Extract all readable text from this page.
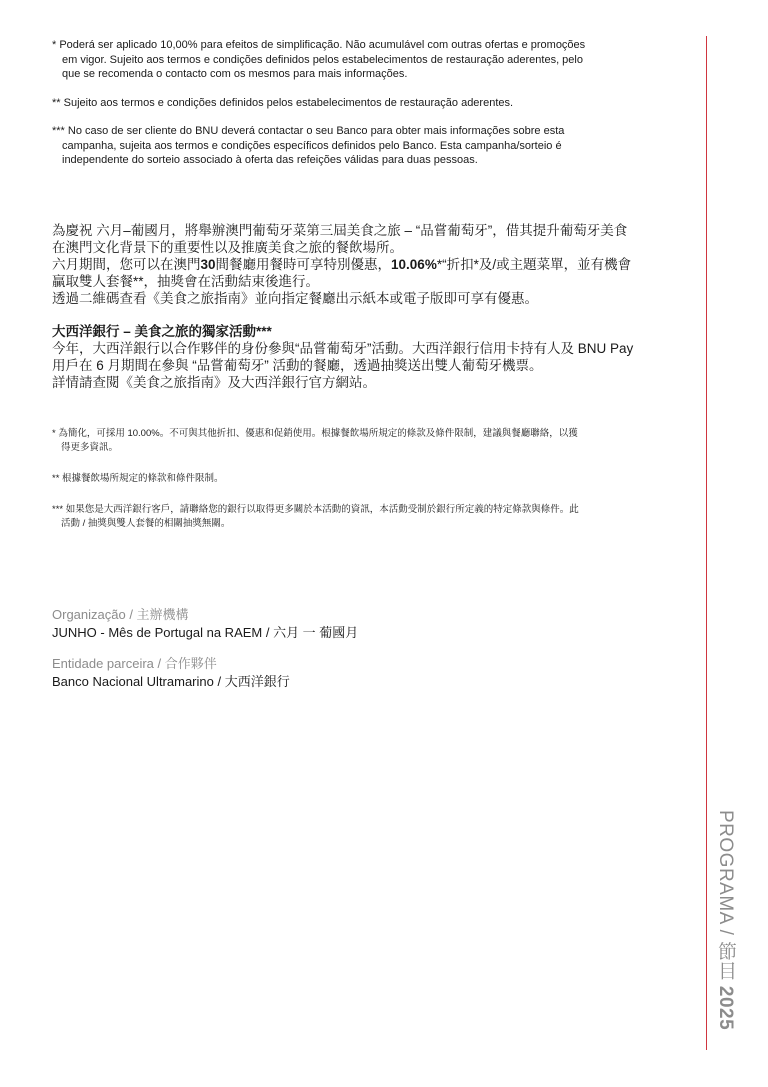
* Poderá ser aplicado 10,00% para efeitos de simplificação. Não acumulável com outras ofertas e promoções
em vigor. Sujeito aos termos e condições definidos pelos estabelecimentos de restauração aderentes, pelo
que se recomenda o contacto com os mesmos para mais informações.

** Sujeito aos termos e condições definidos pelos estabelecimentos de restauração aderentes.

*** No caso de ser cliente do BNU deverá contactar o seu Banco para obter mais informações sobre esta
campanha, sujeita aos termos e condições específicos definidos pelo Banco. Esta campanha/sorteio é
independente do sorteio associado à oferta das refeições válidas para duas pessoas.

為慶祝 六月–葡國月，將舉辦澳門葡萄牙菜第三屆美食之旅 – “品嘗葡萄牙”，借其提升葡萄牙美食
在澳門文化背景下的重要性以及推廣美食之旅的餐飲場所。

六月期間，您可以在澳門30間餐廳用餐時可享特別優惠，10.06%*“折扣*及/或主題菜單，並有機會
贏取雙人套餐**，抽獎會在活動結束後進行。

透過二維碼查看《美食之旅指南》並向指定餐廳出示紙本或電子版即可享有優惠。

大西洋銀行 – 美食之旅的獨家活動***

今年，大西洋銀行以合作夥伴的身份參與“品嘗葡萄牙”活動。大西洋銀行信用卡持有人及 BNU Pay
用戶在 6 月期間在參與 “品嘗葡萄牙” 活動的餐廳，透過抽獎送出雙人葡萄牙機票。
詳情請查閱《美食之旅指南》及大西洋銀行官方網站。

* 為簡化，可採用 10.00%。不可與其他折扣、優惠和促銷使用。根據餐飲場所規定的條款及條件限制，建議與餐廳聯絡，以獲
得更多資訊。

** 根據餐飲場所規定的條款和條件限制。

*** 如果您是大西洋銀行客戶，請聯絡您的銀行以取得更多關於本活動的資訊，本活動受制於銀行所定義的特定條款與條件。此
活動 / 抽獎與雙人套餐的相關抽獎無關。

Organização / 主辦機構

JUNHO - Mês de Portugal na RAEM / 六月 一 葡國月

Entidade parceira / 合作夥伴

Banco Nacional Ultramarino / 大西洋銀行

PROGRAMA / 節目 2025
